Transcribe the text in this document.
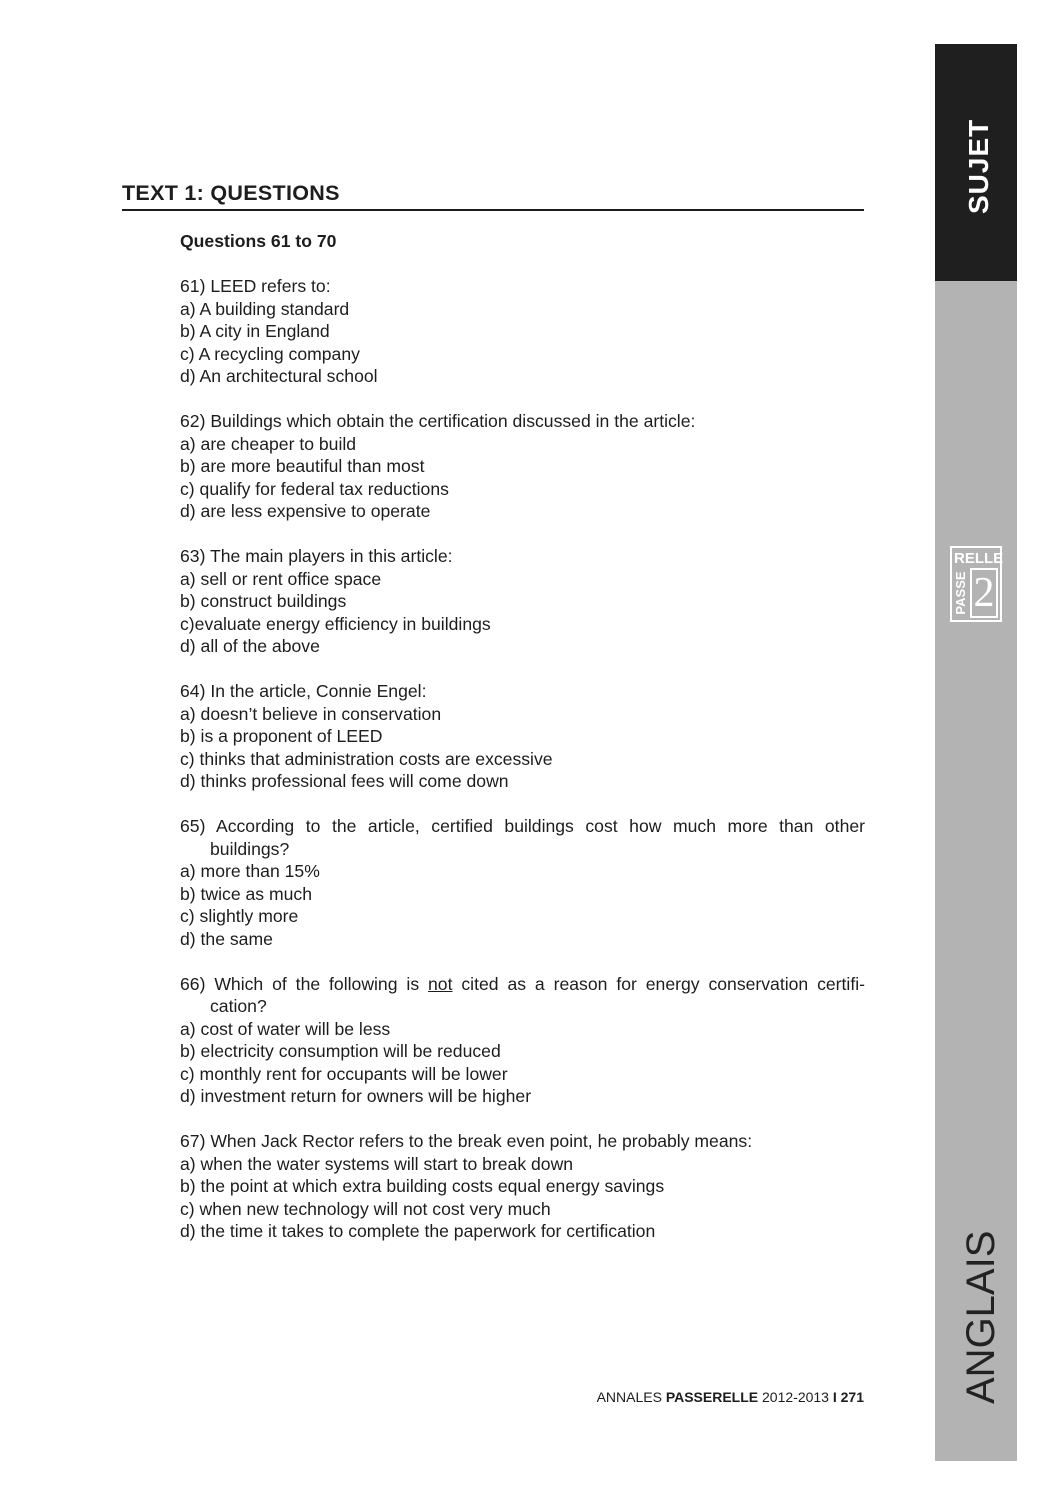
TEXT 1: QUESTIONS
Questions 61 to 70
61) LEED refers to:
a) A building standard
b) A city in England
c) A recycling company
d) An architectural school
62) Buildings which obtain the certification discussed in the article:
a) are cheaper to build
b) are more beautiful than most
c) qualify for federal tax reductions
d) are less expensive to operate
63) The main players in this article:
a) sell or rent office space
b) construct buildings
c)evaluate energy efficiency in buildings
d) all of the above
64) In the article, Connie Engel:
a) doesn’t believe in conservation
b) is a proponent of LEED
c) thinks that administration costs are excessive
d) thinks professional fees will come down
65) According to the article, certified buildings cost how much more than other buildings?
a) more than 15%
b) twice as much
c) slightly more
d) the same
66) Which of the following is not cited as a reason for energy conservation certifi-cation?
a) cost of water will be less
b) electricity consumption will be reduced
c) monthly rent for occupants will be lower
d) investment return for owners will be higher
67) When Jack Rector refers to the break even point, he probably means:
a) when the water systems will start to break down
b) the point at which extra building costs equal energy savings
c) when new technology will not cost very much
d) the time it takes to complete the paperwork for certification
ANNALES PASSERELLE 2012-2013 I 271
SUJET
ANGLAIS
RELLE
PASSE 2
